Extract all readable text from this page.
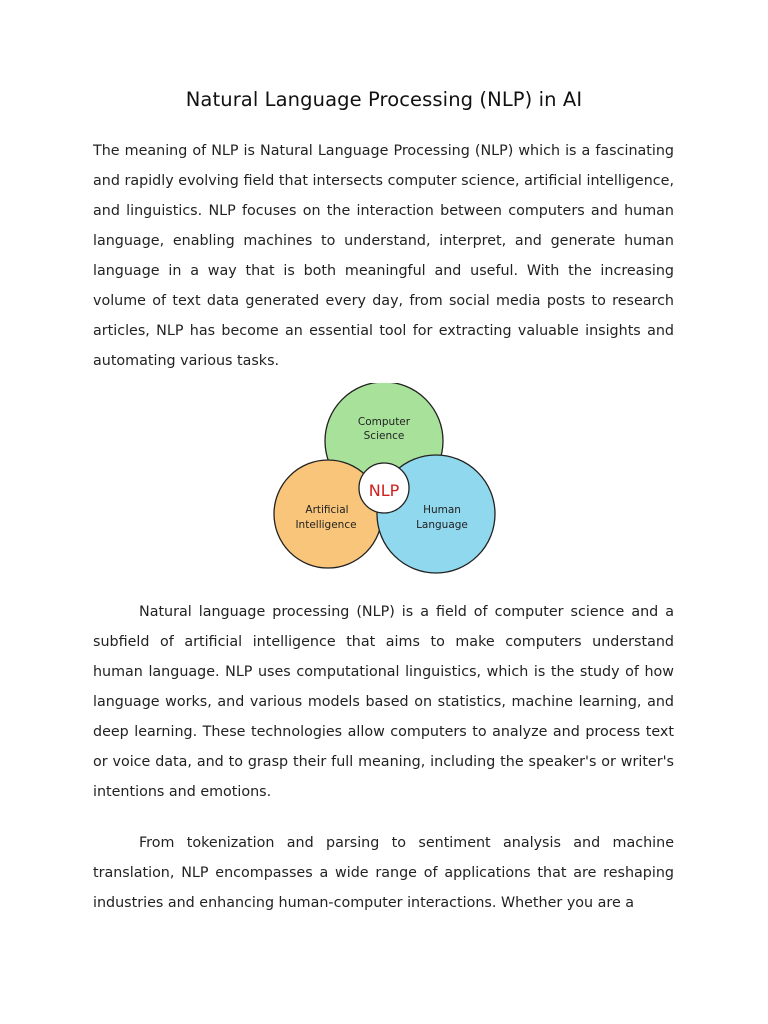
Natural Language Processing (NLP) in AI

The meaning of NLP is Natural Language Processing (NLP) which is a fascinating and rapidly evolving field that intersects computer science, artificial intelligence, and linguistics. NLP focuses on the interaction between computers and human language, enabling machines to understand, interpret, and generate human language in a way that is both meaningful and useful. With the increasing volume of text data generated every day, from social media posts to research articles, NLP has become an essential tool for extracting valuable insights and automating various tasks.

Computer
Science
Artificial
Intelligence
Human
Language
NLP

Natural language processing (NLP) is a field of computer science and a subfield of artificial intelligence that aims to make computers understand human language. NLP uses computational linguistics, which is the study of how language works, and various models based on statistics, machine learning, and deep learning. These technologies allow computers to analyze and process text or voice data, and to grasp their full meaning, including the speaker's or writer's intentions and emotions.

From tokenization and parsing to sentiment analysis and machine translation, NLP encompasses a wide range of applications that are reshaping industries and enhancing human-computer interactions. Whether you are a
